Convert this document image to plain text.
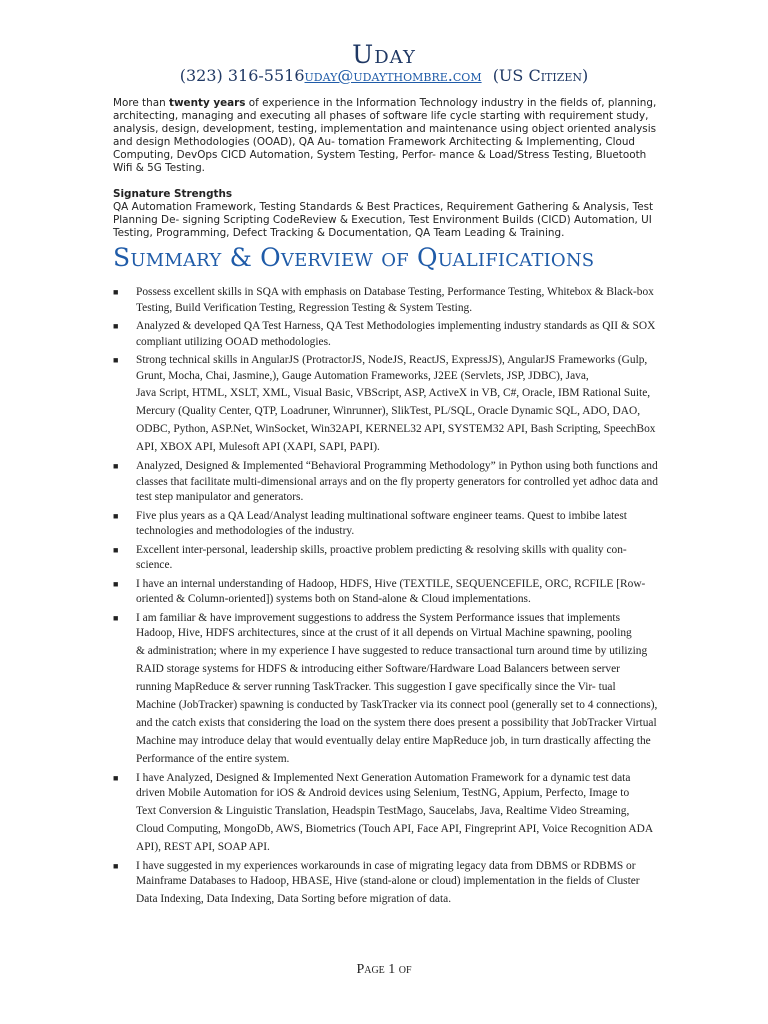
Uday
(323) 316-5516uday@udaythombre.com (US Citizen)
More than twenty years of experience in the Information Technology industry in the fields of, planning, architecting, managing and executing all phases of software life cycle starting with requirement study, analysis, design, development, testing, implementation and maintenance using object oriented analysis and design Methodologies (OOAD), QA Au- tomation Framework Architecting & Implementing, Cloud Computing, DevOps CICD Automation, System Testing, Perfor- mance & Load/Stress Testing, Bluetooth Wifi & 5G Testing.
Signature Strengths
QA Automation Framework, Testing Standards & Best Practices, Requirement Gathering & Analysis, Test Planning De- signing Scripting CodeReview & Execution, Test Environment Builds (CICD) Automation, UI Testing, Programming, Defect Tracking & Documentation, QA Team Leading & Training.
Summary & Overview of Qualifications
■ Possess excellent skills in SQA with emphasis on Database Testing, Performance Testing, Whitebox & Black-box Testing, Build Verification Testing, Regression Testing & System Testing.
■ Analyzed & developed QA Test Harness, QA Test Methodologies implementing industry standards as QII & SOX compliant utilizing OOAD methodologies.
■ Strong technical skills in AngularJS (ProtractorJS, NodeJS, ReactJS, ExpressJS), AngularJS Frameworks (Gulp, Grunt, Mocha, Chai, Jasmine,), Gauge Automation Frameworks, J2EE (Servlets, JSP, JDBC), Java,
Java Script, HTML, XSLT, XML, Visual Basic, VBScript, ASP, ActiveX in VB, C#, Oracle, IBM Rational Suite, Mercury (Quality Center, QTP, Loadruner, Winrunner), SlikTest, PL/SQL, Oracle Dynamic SQL, ADO, DAO, ODBC, Python, ASP.Net, WinSocket, Win32API, KERNEL32 API, SYSTEM32 API, Bash Scripting, SpeechBox API, XBOX API, Mulesoft API (XAPI, SAPI, PAPI).
■ Analyzed, Designed & Implemented “Behavioral Programming Methodology” in Python using both functions and classes that facilitate multi-dimensional arrays and on the fly property generators for controlled yet adhoc data and test step manipulator and generators.
■ Five plus years as a QA Lead/Analyst leading multinational software engineer teams. Quest to imbibe latest technologies and methodologies of the industry.
■ Excellent inter-personal, leadership skills, proactive problem predicting & resolving skills with quality con- science.
■ I have an internal understanding of Hadoop, HDFS, Hive (TEXTILE, SEQUENCEFILE, ORC, RCFILE [Row-oriented & Column-oriented]) systems both on Stand-alone & Cloud implementations.
■ I am familiar & have improvement suggestions to address the System Performance issues that implements Hadoop, Hive, HDFS architectures, since at the crust of it all depends on Virtual Machine spawning, pooling
& administration; where in my experience I have suggested to reduce transactional turn around time by utilizing RAID storage systems for HDFS & introducing either Software/Hardware Load Balancers between server running MapReduce & server running TaskTracker. This suggestion I gave specifically since the Vir- tual Machine (JobTracker) spawning is conducted by TaskTracker via its connect pool (generally set to 4 connections), and the catch exists that considering the load on the system there does present a possibility that JobTracker Virtual Machine may introduce delay that would eventually delay entire MapReduce job, in turn drastically affecting the Performance of the entire system.
■ I have Analyzed, Designed & Implemented Next Generation Automation Framework for a dynamic test data driven Mobile Automation for iOS & Android devices using Selenium, TestNG, Appium, Perfecto, Image to
Text Conversion & Linguistic Translation, Headspin TestMago, Saucelabs, Java, Realtime Video Streaming, Cloud Computing, MongoDb, AWS, Biometrics (Touch API, Face API, Fingreprint API, Voice Recognition ADA API), REST API, SOAP API.
■ I have suggested in my experiences workarounds in case of migrating legacy data from DBMS or RDBMS or Mainframe Databases to Hadoop, HBASE, Hive (stand-alone or cloud) implementation in the fields of Cluster
Data Indexing, Data Indexing, Data Sorting before migration of data.
Page 1 of
